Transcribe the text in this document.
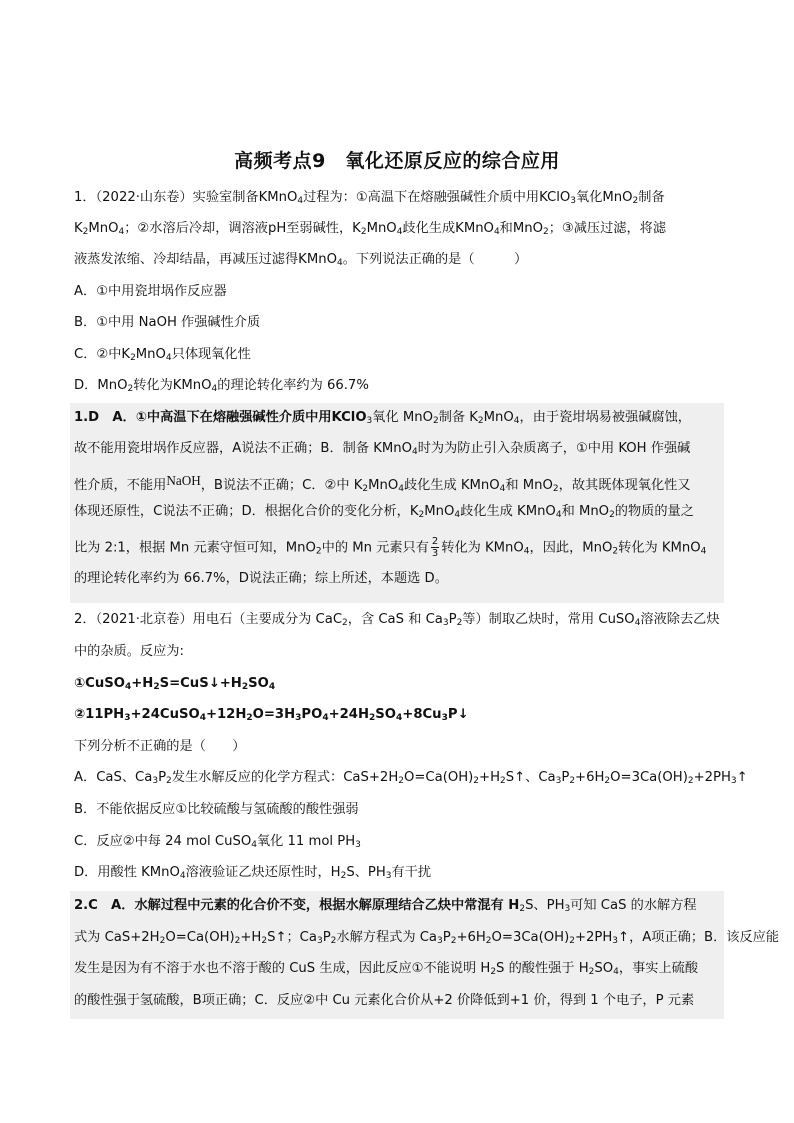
高频考点9　氧化还原反应的综合应用
1．（2022·山东卷）实验室制备KMnO$_4$过程为：①高温下在熔融强碱性介质中用KClO$_3$氧化MnO$_2$制备
$K_2MnO_4$；②水溶后冷却，调溶液pH至弱碱性，$K_2MnO_4$歧化生成KMnO$_4$和MnO$_2$；③减压过滤，将滤
液蒸发浓缩、冷却结晶，再减压过滤得KMnO$_4$。下列说法正确的是（　　　）
A．①中用瓷坩埚作反应器
B．①中用 NaOH 作强碱性介质
C．②中$K_2MnO_4$只体现氧化性
D．MnO$_2$转化为KMnO$_4$的理论转化率约为 66.7%
1.D　A．①中高温下在熔融强碱性介质中用KClO$_3$氧化 MnO$_2$制备 $K_2MnO_4$，由于瓷坩埚易被强碱腐蚀，
故不能用瓷坩埚作反应器，A说法不正确；B．制备 KMnO$_4$时为为防止引入杂质离子，①中用 KOH 作强碱
性介质，不能用NaOH，B说法不正确；C．②中 $K_2MnO_4$歧化生成 KMnO$_4$和 MnO$_2$，故其既体现氧化性又
体现还原性，C说法不正确；D．根据化合价的变化分析，$K_2MnO_4$歧化生成 KMnO$_4$和 MnO$_2$的物质的量之
比为 2:1，根据 Mn 元素守恒可知，MnO$_2$中的 Mn 元素只有 $\frac{2}{3}$ 转化为 KMnO$_4$，因此，MnO$_2$转化为 KMnO$_4$
的理论转化率约为 66.7%，D说法正确；综上所述，本题选 D。
2．（2021·北京卷）用电石（主要成分为 CaC$_2$，含 CaS 和 $Ca_3P_2$等）制取乙炔时，常用 CuSO$_4$溶液除去乙炔
中的杂质。反应为:
$①CuSO_4+H_2S=CuS↓+H_2SO_4$
$②11PH_3+24CuSO_4+12H_2O=3H_3PO_4+24H_2SO_4+8Cu_3P↓$
下列分析不正确的是（　　）
A．CaS、$Ca_3P_2$发生水解反应的化学方程式：$CaS+2H_2O=Ca(OH)_2+H_2S↑$、$Ca_3P_2+6H_2O=3Ca(OH)_2+2PH_3↑$
B．不能依据反应①比较硫酸与氢硫酸的酸性强弱
C．反应②中每 24 mol CuSO$_4$氧化 11 mol $PH_3$
D．用酸性 KMnO$_4$溶液验证乙炔还原性时，$H_2S$、$PH_3$有干扰
2.C　A．水解过程中元素的化合价不变，根据水解原理结合乙炔中常混有 $H_2S$、$PH_3$可知 CaS 的水解方程
式为 $CaS+2H_2O=Ca(OH)_2+H_2S↑$；$Ca_3P_2$水解方程式为 $Ca_3P_2+6H_2O=3Ca(OH)_2+2PH_3↑$，A项正确；B．该反应能
发生是因为有不溶于水也不溶于酸的 CuS 生成，因此反应①不能说明 $H_2S$ 的酸性强于 $H_2SO_4$，事实上硫酸
的酸性强于氢硫酸，B项正确；C．反应②中 Cu 元素化合价从+2 价降低到+1 价，得到 1 个电子，P 元素
